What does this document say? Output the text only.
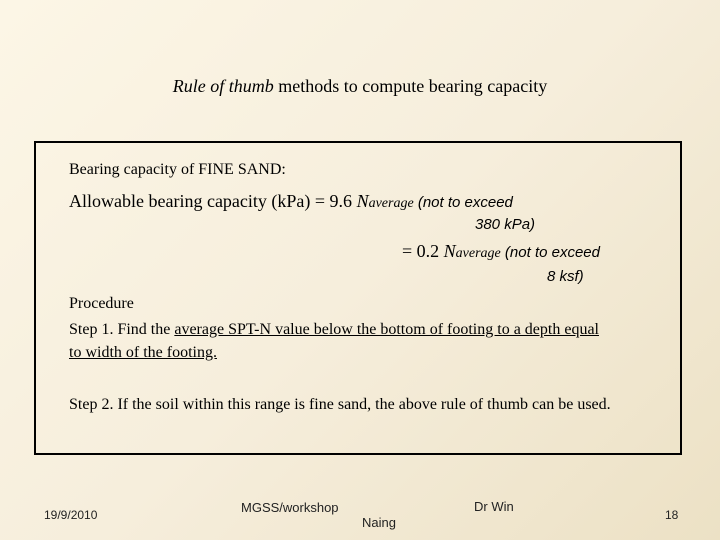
Rule of thumb methods to compute bearing capacity
Bearing capacity of FINE SAND:
Allowable bearing capacity (kPa) = 9.6 Naverage (not to exceed
380 kPa)
= 0.2 Naverage (not to exceed
8 ksf)
Procedure
Step 1. Find the average SPT-N value below the bottom of footing to a depth equal
to width of the footing.
Step 2. If the soil within this range is fine sand, the above rule of thumb can be used.
19/9/2010	MGSS/workshop	Dr Win
Naing	18
